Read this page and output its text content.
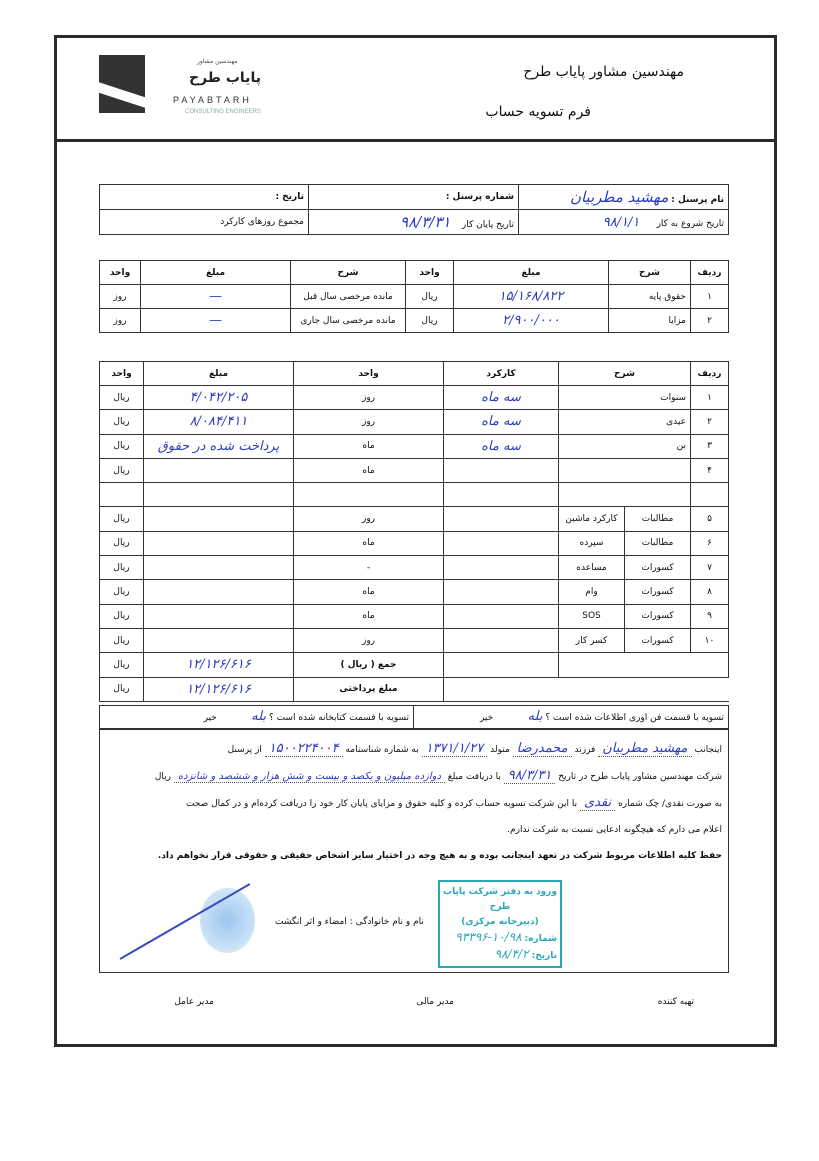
مهندسین مشاور
پایاب طرح
PAYABTARH
CONSULTING ENGINEERS
مهندسین مشاور پایاب طرح
فرم تسویه حساب
نام پرسنل : مهشید مطربیان	شماره پرسنل :	تاریخ :
تاریخ شروع به کار      ۹۸/۱/۱	تاریخ پایان کار    ۹۸/۳/۳۱	مجموع روزهای کارکرد
ردیف	شرح	مبلغ	واحد	شرح	مبلغ	واحد
۱	حقوق پایه	۱۵/۱۶۸/۸۲۲	ریال	مانده مرخصی سال قبل	—	روز
۲	مزایا	۲/۹۰۰/۰۰۰	ریال	مانده مرخصی سال جاری	—	روز
ردیف	شرح		کارکرد	واحد	مبلغ	واحد
۱	سنوات		سه ماه	روز	۴/۰۴۲/۲۰۵	ریال
۲	عیدی		سه ماه	روز	۸/۰۸۴/۴۱۱	ریال
۳	بن		سه ماه	ماه	پرداخت شده در حقوق	ریال
۴				ماه		ریال

۵	مطالبات	کارکرد ماشین		روز		ریال
۶	مطالبات	سپرده		ماه		ریال
۷	کسورات	مساعده		-		ریال
۸	کسورات	وام		ماه		ریال
۹	کسورات	SOS		ماه		ریال
۱۰	کسورات	کسر کار		روز		ریال
				جمع ( ریال )	۱۲/۱۲۶/۶۱۶	ریال
				مبلغ پرداختی	۱۲/۱۲۶/۶۱۶	ریال
تسویه با قسمت فن اوری اطلاعات شده است ؟ بله            خیر
تسویه با قسمت کتابخانه شده است ؟ بله            خیر

اینجانب مهشید مطربیان فرزند محمدرضا متولد ۱۳۷۱/۱/۲۷ به شماره شناسنامه ۱۵۰۰۲۲۴۰۰۴ از پرسنل

شرکت مهندسین مشاور پایاب طرح در تاریخ ۹۸/۳/۳۱ با دریافت مبلغ دوازده میلیون و یکصد و بیست و شش هزار و ششصد و شانزده ریال

به صورت نقدی/ چک شماره نقدی با این شرکت تسویه حساب کرده و کلیه حقوق و مزایای پایان کار خود را دریافت کرده‌ام و در کمال صحت

اعلام می دارم که هیچگونه ادعایی نسبت به شرکت ندارم.

حفظ کلیه اطلاعات مربوط شرکت در تعهد اینجانب بوده و به هیچ وجه در اختیار سایر اشخاص حقیقی و حقوقی قرار نخواهم داد.

نام و نام خانوادگی : امضاء و اثر انگشت
ورود به دفتر شرکت پایاب طرح
(دبیرخانه مرکزی)
شماره: ۱۰/۹۸-۹۳۳۹۶
تاریخ: ۹۸/۴/۲
تهیه کننده
مدیر مالی
مدیر عامل
